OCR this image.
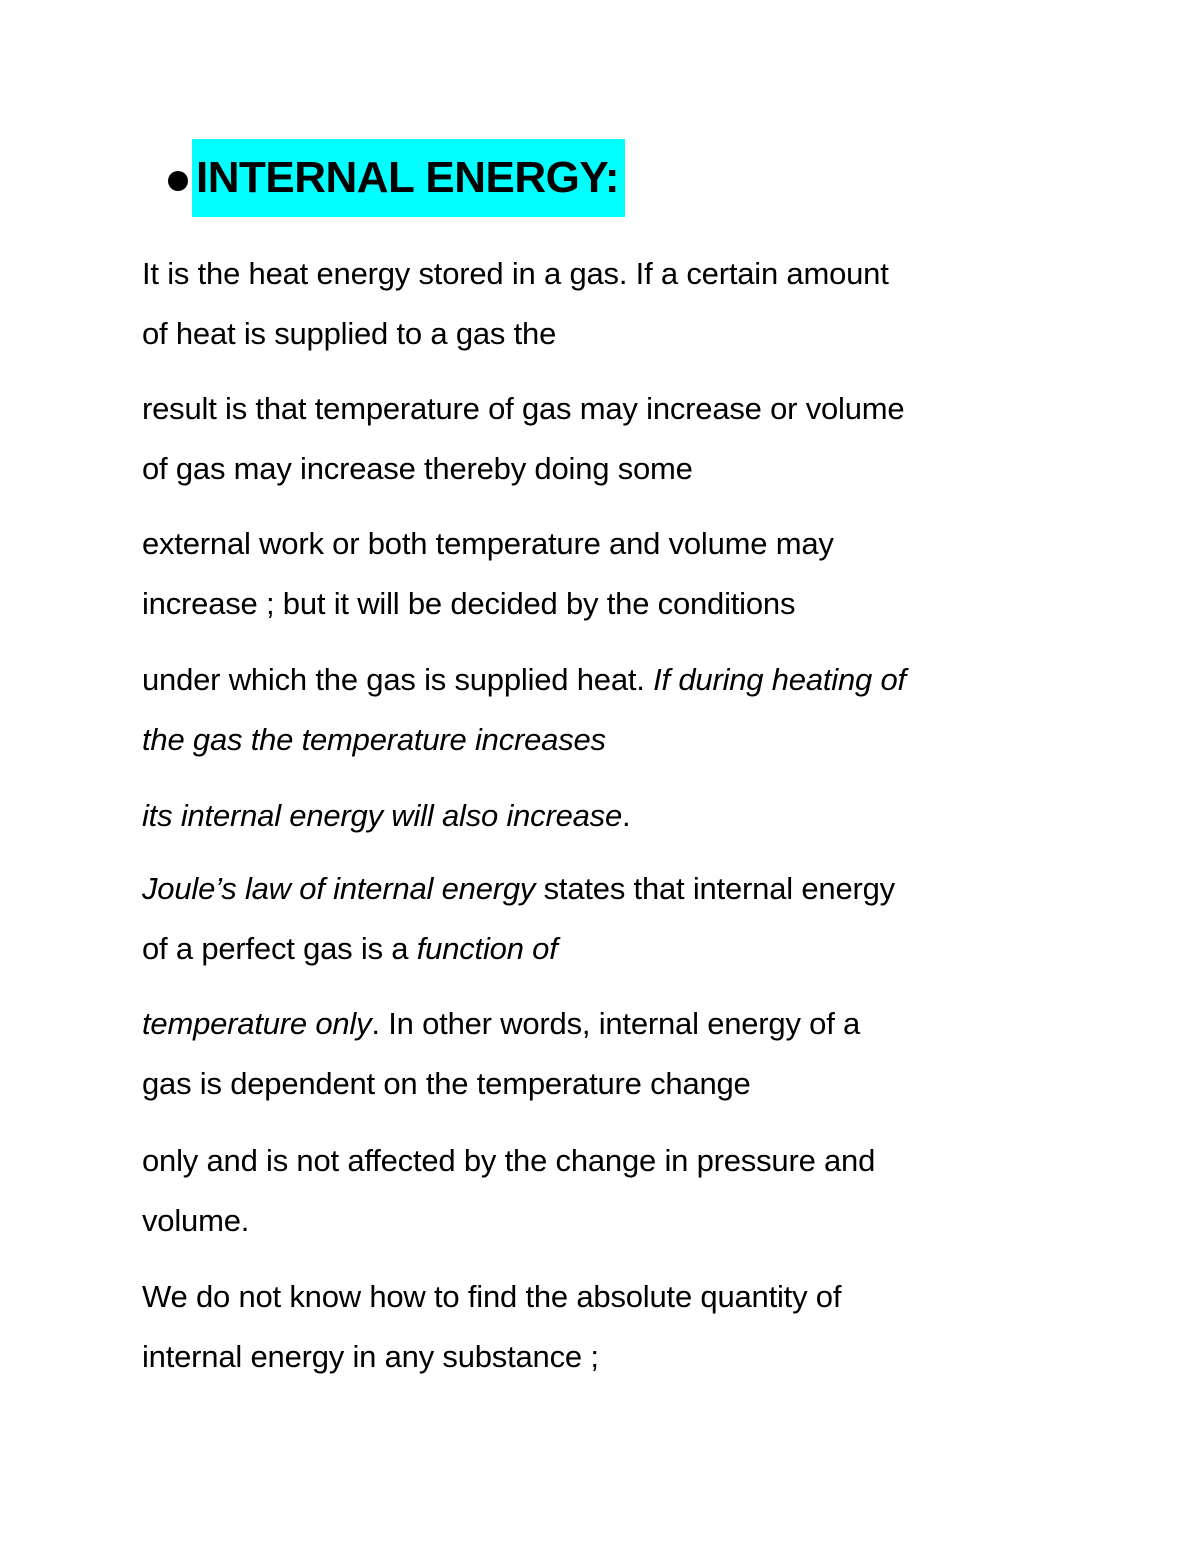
INTERNAL ENERGY:

It is the heat energy stored in a gas. If a certain amount
of heat is supplied to a gas the

result is that temperature of gas may increase or volume
of gas may increase thereby doing some

external work or both temperature and volume may
increase ; but it will be decided by the conditions

under which the gas is supplied heat. If during heating of
the gas the temperature increases

its internal energy will also increase.

Joule’s law of internal energy states that internal energy
of a perfect gas is a function of

temperature only. In other words, internal energy of a
gas is dependent on the temperature change

only and is not affected by the change in pressure and
volume.

We do not know how to find the absolute quantity of
internal energy in any substance ;
